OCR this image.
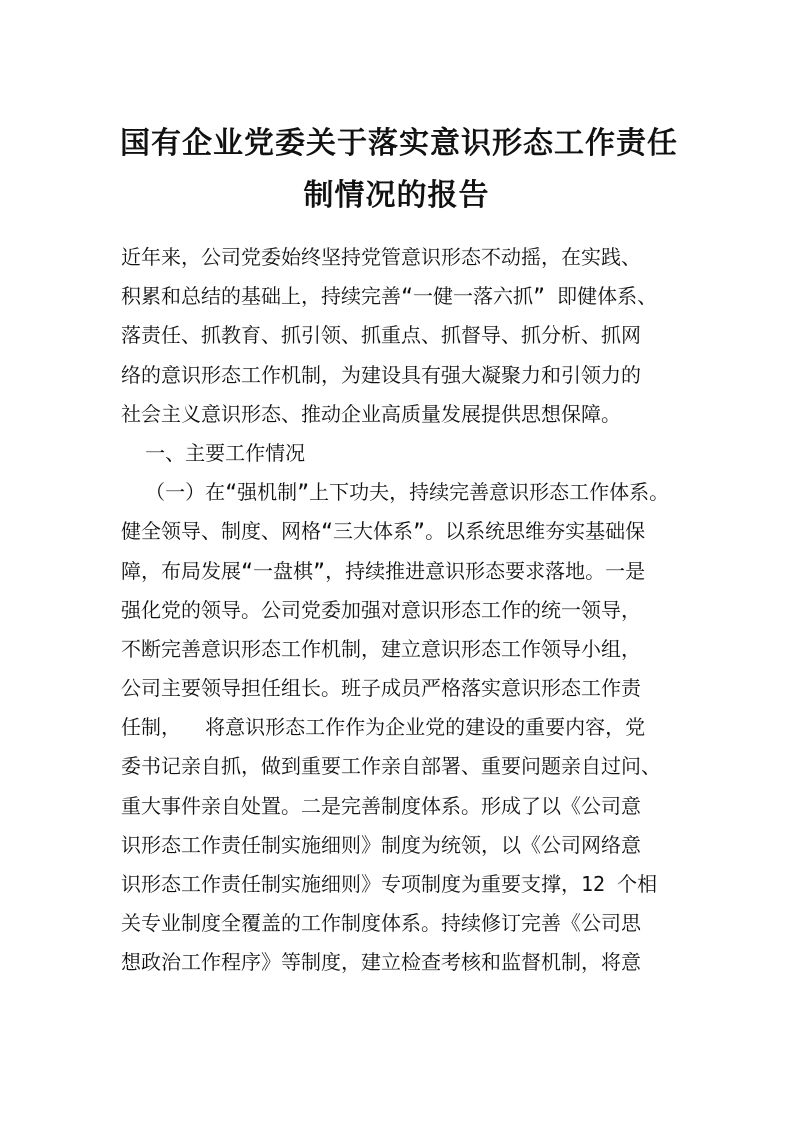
国有企业党委关于落实意识形态工作责任
制情况的报告
近年来，公司党委始终坚持党管意识形态不动摇，在实践、
积累和总结的基础上，持续完善“一健一落六抓” 即健体系、
落责任、抓教育、抓引领、抓重点、抓督导、抓分析、抓网
络的意识形态工作机制，为建设具有强大凝聚力和引领力的
社会主义意识形态、推动企业高质量发展提供思想保障。
一、主要工作情况
（一）在“强机制”上下功夫，持续完善意识形态工作体系。
健全领导、制度、网格“三大体系”。以系统思维夯实基础保
障，布局发展“一盘棋”，持续推进意识形态要求落地。一是
强化党的领导。公司党委加强对意识形态工作的统一领导，
不断完善意识形态工作机制，建立意识形态工作领导小组，
公司主要领导担任组长。班子成员严格落实意识形态工作责
任制，  将意识形态工作作为企业党的建设的重要内容，党
委书记亲自抓，做到重要工作亲自部署、重要问题亲自过问、
重大事件亲自处置。二是完善制度体系。形成了以《公司意
识形态工作责任制实施细则》制度为统领，以《公司网络意
识形态工作责任制实施细则》专项制度为重要支撑，12 个相
关专业制度全覆盖的工作制度体系。持续修订完善《公司思
想政治工作程序》等制度，建立检查考核和监督机制，将意
